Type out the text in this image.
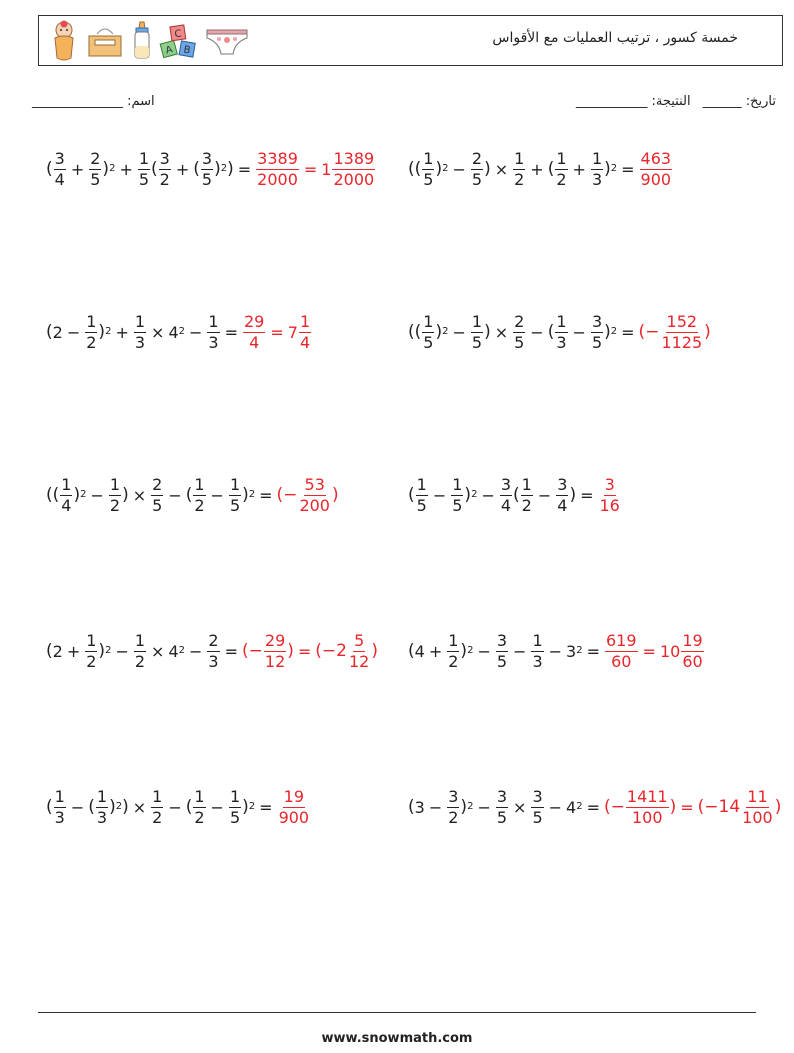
A B
C	خمسة كسور ، ترتيب العمليات مع الأقواس
اسم: ______________	تاريخ: ______النتيجة: ___________
( $\frac{3}{4} + \frac{2}{5}$ ) $2 + \frac{1}{5}$ ( $\frac{3}{2}$ + ( $\frac{3}{5}$ ) 2 ) = $\frac{3389}{2000} = 1 \frac{1389}{2000}$ (( $\frac{1}{5}$ ) $2 - \frac{2}{5}$ ) × $\frac{1}{2}$ + ( $\frac{1}{2} + \frac{1}{3}$ ) $2 = \frac{463}{900}$
( $2 - \frac{1}{2}$ ) $2 + \frac{1}{3} \times 4$ $2 - \frac{1}{3} = \frac{29}{4} = 7 \frac{1}{4}$	(( $\frac{1}{5}$ ) $2 - \frac{1}{5}$ ) × $\frac{2}{5}$ − ( $\frac{1}{3} - \frac{3}{5}$ ) 2 = (− $\frac{152}{1125}$ )
(( $\frac{1}{4}$ ) $2 - \frac{1}{2}$ ) × $\frac{2}{5}$ − ( $\frac{1}{2} - \frac{1}{5}$ ) 2 = (− $\frac{53}{200}$ )	( $\frac{1}{5} - \frac{1}{5}$ ) $2 - \frac{3}{4}$ ( $\frac{1}{2} - \frac{3}{4}$ ) = $\frac{3}{16}$
( $2 + \frac{1}{2}$ ) $2 - \frac{1}{2} \times 4$ $2 - \frac{2}{3}$ = (− $\frac{29}{12}$ ) = ($-2 \frac{5}{12}$ ) ( $4 + \frac{1}{2}$ ) $2 - \frac{3}{5} - \frac{1}{3} - 3$ $2 = \frac{619}{60} = 10 \frac{19}{60}$
( $\frac{1}{3}$ − ( $\frac{1}{3}$ ) 2 ) × $\frac{1}{2}$ − ( $\frac{1}{2} - \frac{1}{5}$ ) $2 = \frac{19}{900}$	( $3 - \frac{3}{2}$ ) $2 - \frac{3}{5} \times \frac{3}{5} - 4$ 2 = (− $\frac{1411}{100}$ ) = ($-14 \frac{11}{100}$ )
www.snowmath.com
